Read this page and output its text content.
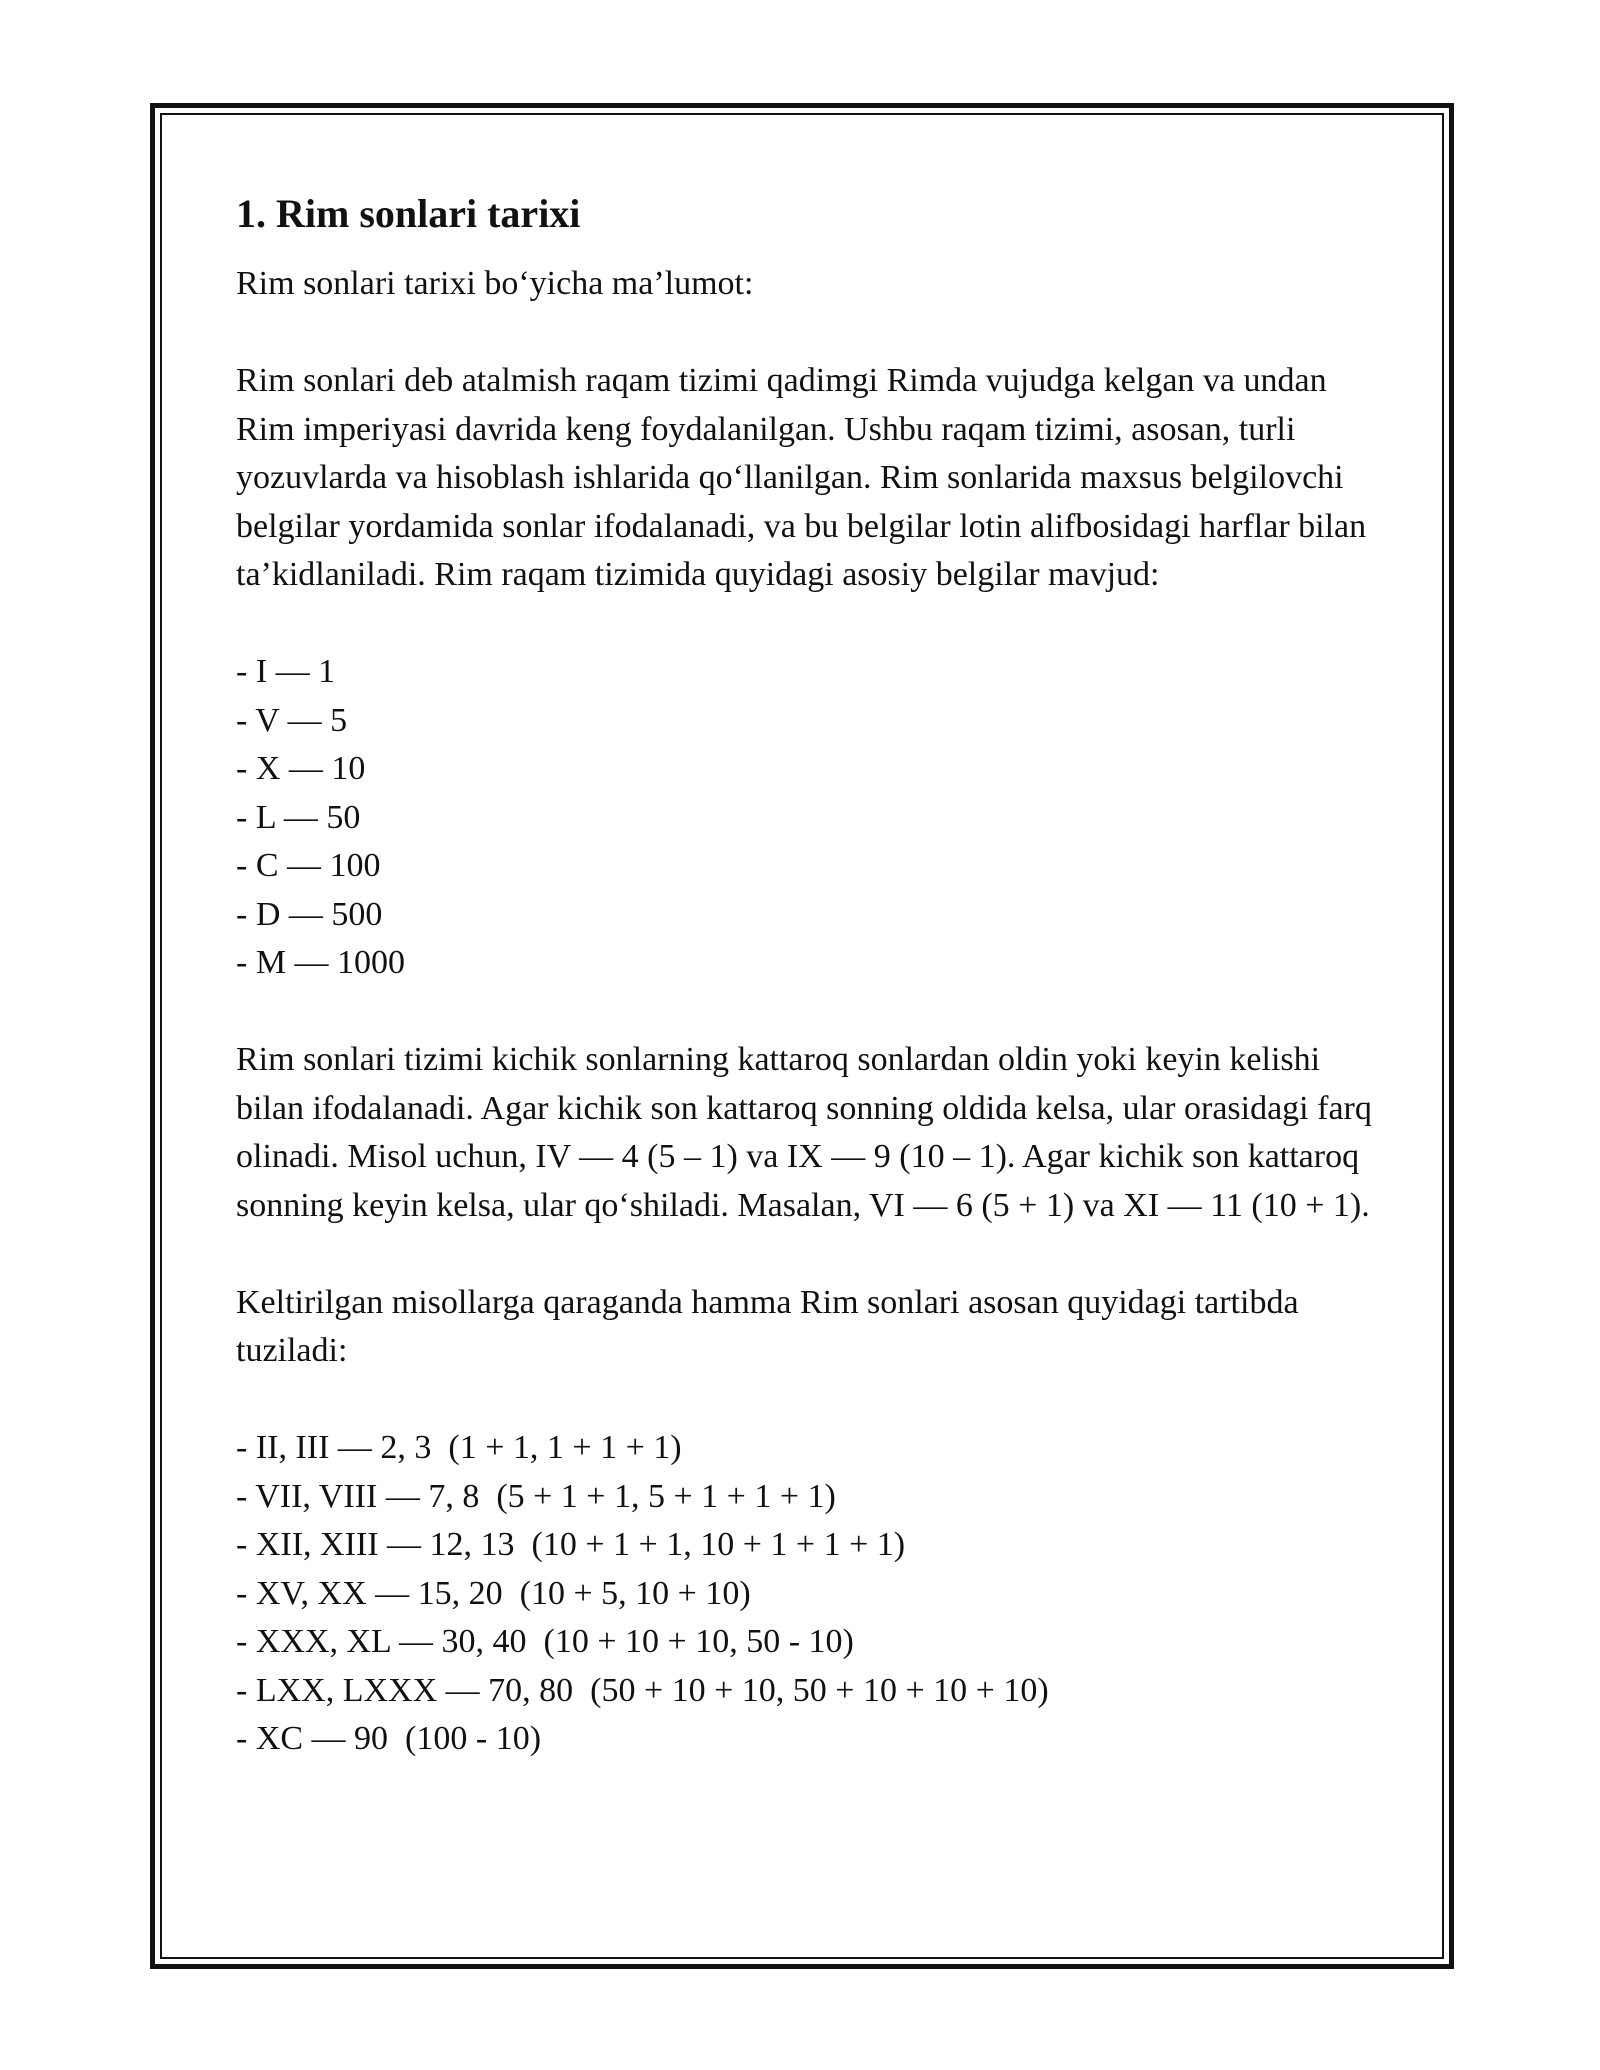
1. Rim sonlari tarixi

Rim sonlari tarixi bo‘yicha ma’lumot:

Rim sonlari deb atalmish raqam tizimi qadimgi Rimda vujudga kelgan va undan Rim imperiyasi davrida keng foydalanilgan. Ushbu raqam tizimi, asosan, turli yozuvlarda va hisoblash ishlarida qo‘llanilgan. Rim sonlarida maxsus belgilovchi belgilar yordamida sonlar ifodalanadi, va bu belgilar lotin alifbosidagi harflar bilan ta’kidlaniladi. Rim raqam tizimida quyidagi asosiy belgilar mavjud:

- I — 1
- V — 5
- X — 10
- L — 50
- C — 100
- D — 500
- M — 1000

Rim sonlari tizimi kichik sonlarning kattaroq sonlardan oldin yoki keyin kelishi bilan ifodalanadi. Agar kichik son kattaroq sonning oldida kelsa, ular orasidagi farq olinadi. Misol uchun, IV — 4 (5 – 1) va IX — 9 (10 – 1). Agar kichik son kattaroq sonning keyin kelsa, ular qo‘shiladi. Masalan, VI — 6 (5 + 1) va XI — 11 (10 + 1).

Keltirilgan misollarga qaraganda hamma Rim sonlari asosan quyidagi tartibda tuziladi:

- II, III — 2, 3  (1 + 1, 1 + 1 + 1)
- VII, VIII — 7, 8  (5 + 1 + 1, 5 + 1 + 1 + 1)
- XII, XIII — 12, 13  (10 + 1 + 1, 10 + 1 + 1 + 1)
- XV, XX — 15, 20  (10 + 5, 10 + 10)
- XXX, XL — 30, 40  (10 + 10 + 10, 50 - 10)
- LXX, LXXX — 70, 80  (50 + 10 + 10, 50 + 10 + 10 + 10)
- XC — 90  (100 - 10)
